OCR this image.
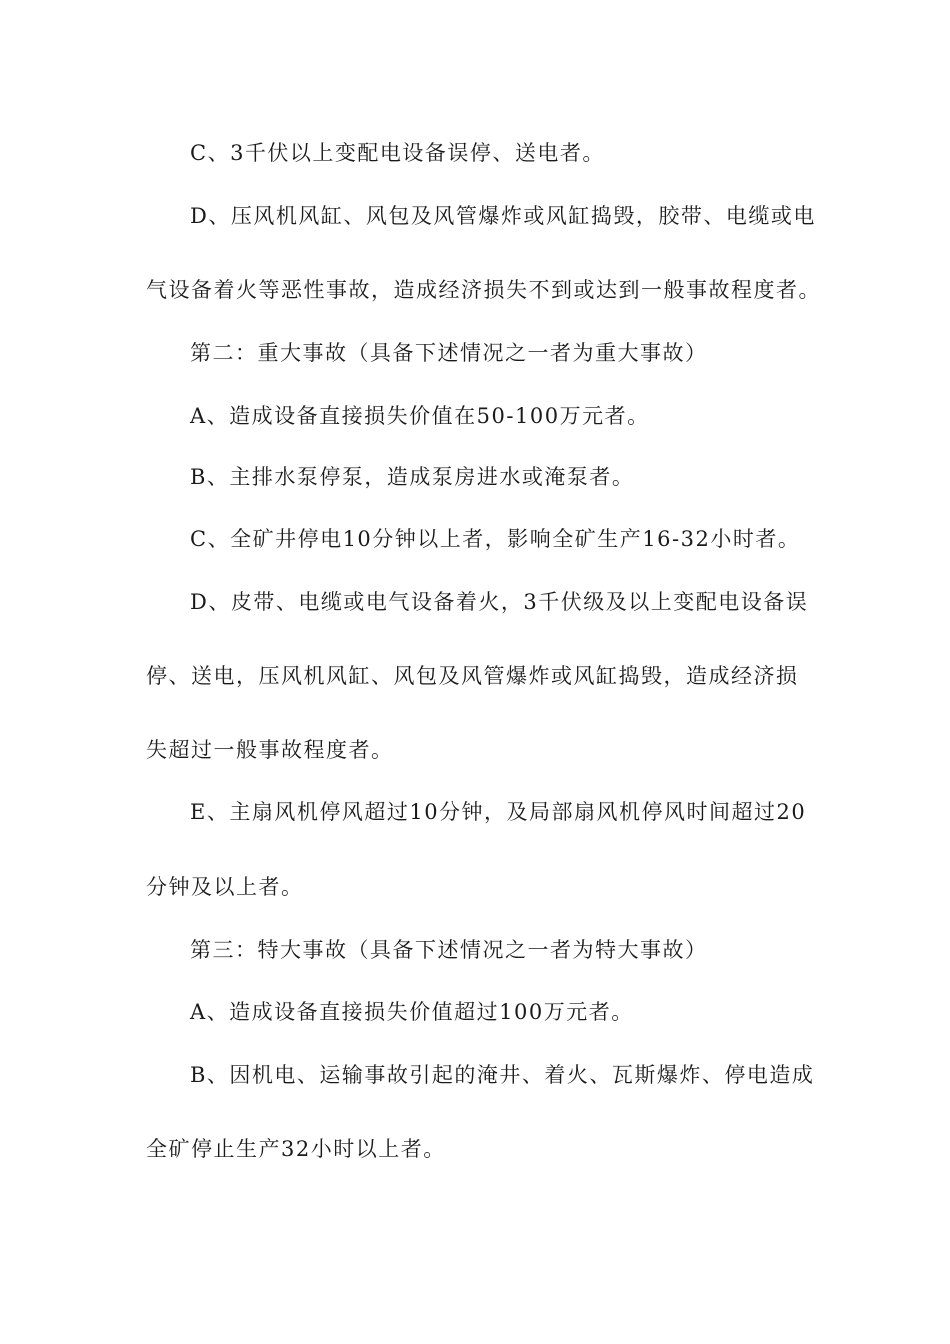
C、3千伏以上变配电设备误停、送电者。
D、压风机风缸、风包及风管爆炸或风缸捣毁，胶带、电缆或电
气设备着火等恶性事故，造成经济损失不到或达到一般事故程度者。
第二：重大事故（具备下述情况之一者为重大事故）
A、造成设备直接损失价值在50-100万元者。
B、主排水泵停泵，造成泵房进水或淹泵者。
C、全矿井停电10分钟以上者，影响全矿生产16-32小时者。
D、皮带、电缆或电气设备着火，3千伏级及以上变配电设备误
停、送电，压风机风缸、风包及风管爆炸或风缸捣毁，造成经济损
失超过一般事故程度者。
E、主扇风机停风超过10分钟，及局部扇风机停风时间超过20
分钟及以上者。
第三：特大事故（具备下述情况之一者为特大事故）
A、造成设备直接损失价值超过100万元者。
B、因机电、运输事故引起的淹井、着火、瓦斯爆炸、停电造成
全矿停止生产32小时以上者。
